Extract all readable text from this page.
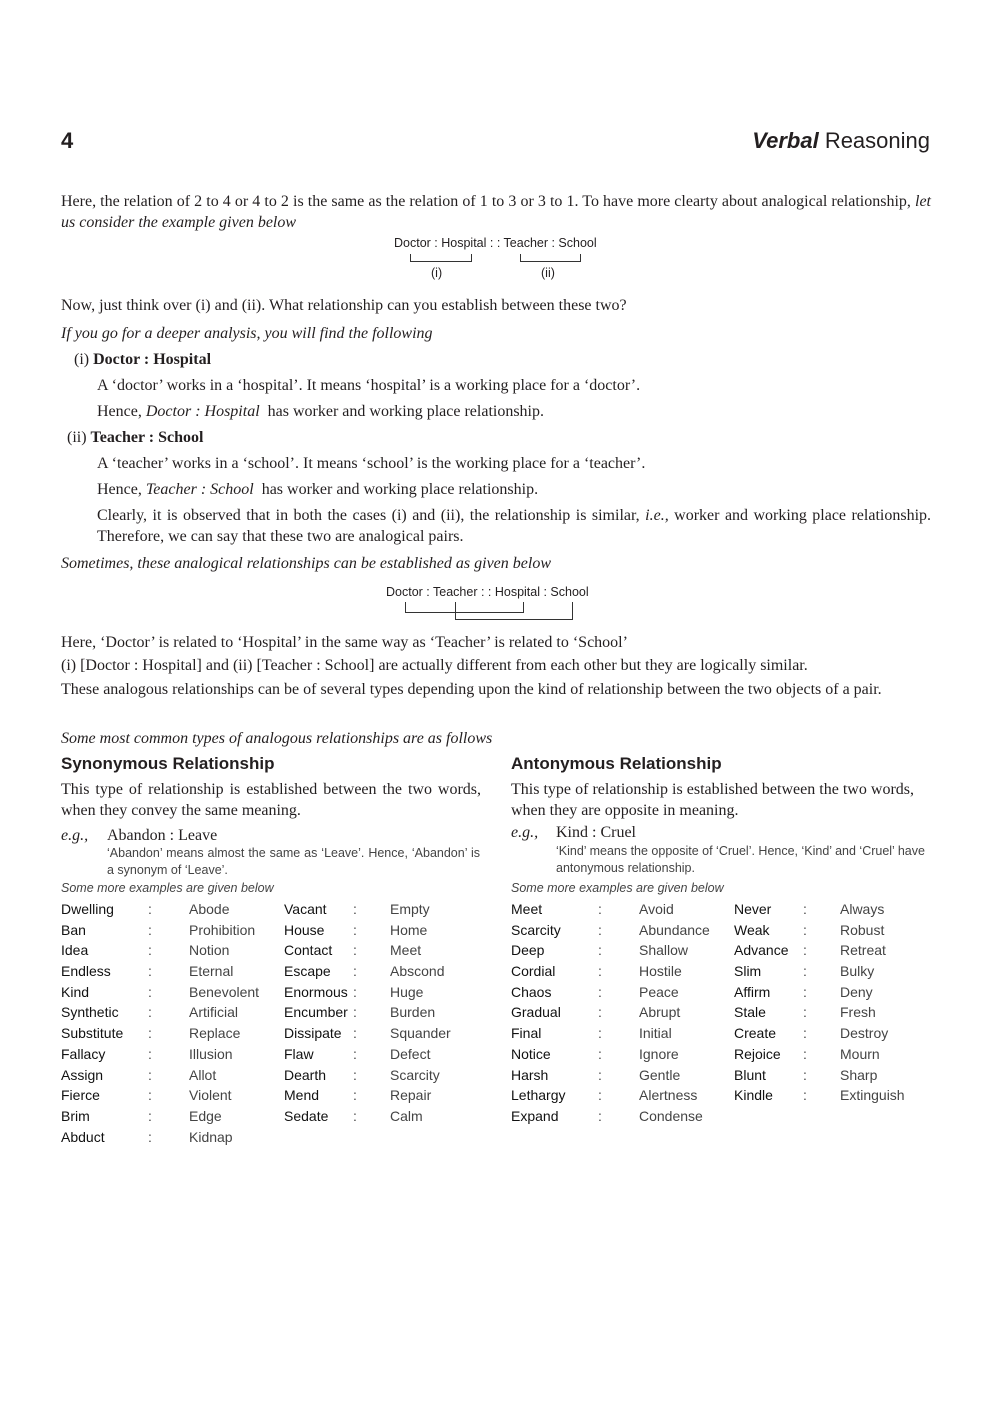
4	Verbal Reasoning

Here, the relation of 2 to 4 or 4 to 2 is the same as the relation of 1 to 3 or 3 to 1. To have more clearty about analogical relationship, let us consider the example given below

Doctor : Hospital : : Teacher : School
(i)	(ii)

Now, just think over (i) and (ii). What relationship can you establish between these two?

If you go for a deeper analysis, you will find the following

(i) Doctor : Hospital

A ‘doctor’ works in a ‘hospital’. It means ‘hospital’ is a working place for a ‘doctor’.

Hence, Doctor : Hospital has worker and working place relationship.

(ii) Teacher : School

A ‘teacher’ works in a ‘school’. It means ‘school’ is the working place for a ‘teacher’.

Hence, Teacher : School has worker and working place relationship.

Clearly, it is observed that in both the cases (i) and (ii), the relationship is similar, i.e., worker and working place relationship. Therefore, we can say that these two are analogical pairs.

Sometimes, these analogical relationships can be established as given below

Doctor : Teacher : : Hospital : School

Here, ‘Doctor’ is related to ‘Hospital’ in the same way as ‘Teacher’ is related to ‘School’

(i) [Doctor : Hospital] and (ii) [Teacher : School] are actually different from each other but they are logically similar.

These analogous relationships can be of several types depending upon the kind of relationship between the two objects of a pair.

Some most common types of analogous relationships are as follows

Synonymous Relationship

This type of relationship is established between the two words, when they convey the same meaning.

e.g., Abandon : Leave

‘Abandon’ means almost the same as ‘Leave’. Hence, ‘Abandon’ is a synonym of ‘Leave’.

Some more examples are given below
Dwelling :	Abode	Vacant : Empty
Ban	:	Prohibition House : Home
Idea	:	Notion	Contact : Meet
Endless	:	Eternal	Escape : Abscond
Kind	:	Benevolent Enormous : Huge
Synthetic :	Artificial	Encumber : Burden
Substitute :	Replace	Dissipate : Squander
Fallacy	:	Illusion	Flaw	: Defect
Assign	:	Allot	Dearth : Scarcity
Fierce	:	Violent	Mend : Repair
Brim	:	Edge	Sedate : Calm
Abduct	:	Kidnap
Antonymous Relationship

This type of relationship is established between the two words, when they are opposite in meaning.

e.g., Kind : Cruel

‘Kind’ means the opposite of ‘Cruel’. Hence, ‘Kind’ and ‘Cruel’ have antonymous relationship.

Some more examples are given below
Meet	:	Avoid	Never : Always
Scarcity	:	Abundance Weak : Robust
Deep	:	Shallow	Advance : Retreat
Cordial	:	Hostile	Slim	: Bulky
Chaos	:	Peace	Affirm : Deny
Gradual	:	Abrupt	Stale	: Fresh
Final	:	Initial	Create : Destroy
Notice	:	Ignore	Rejoice : Mourn
Harsh	:	Gentle	Blunt	: Sharp
Lethargy :	Alertness	Kindle : Extinguish
Expand	:	Condense
